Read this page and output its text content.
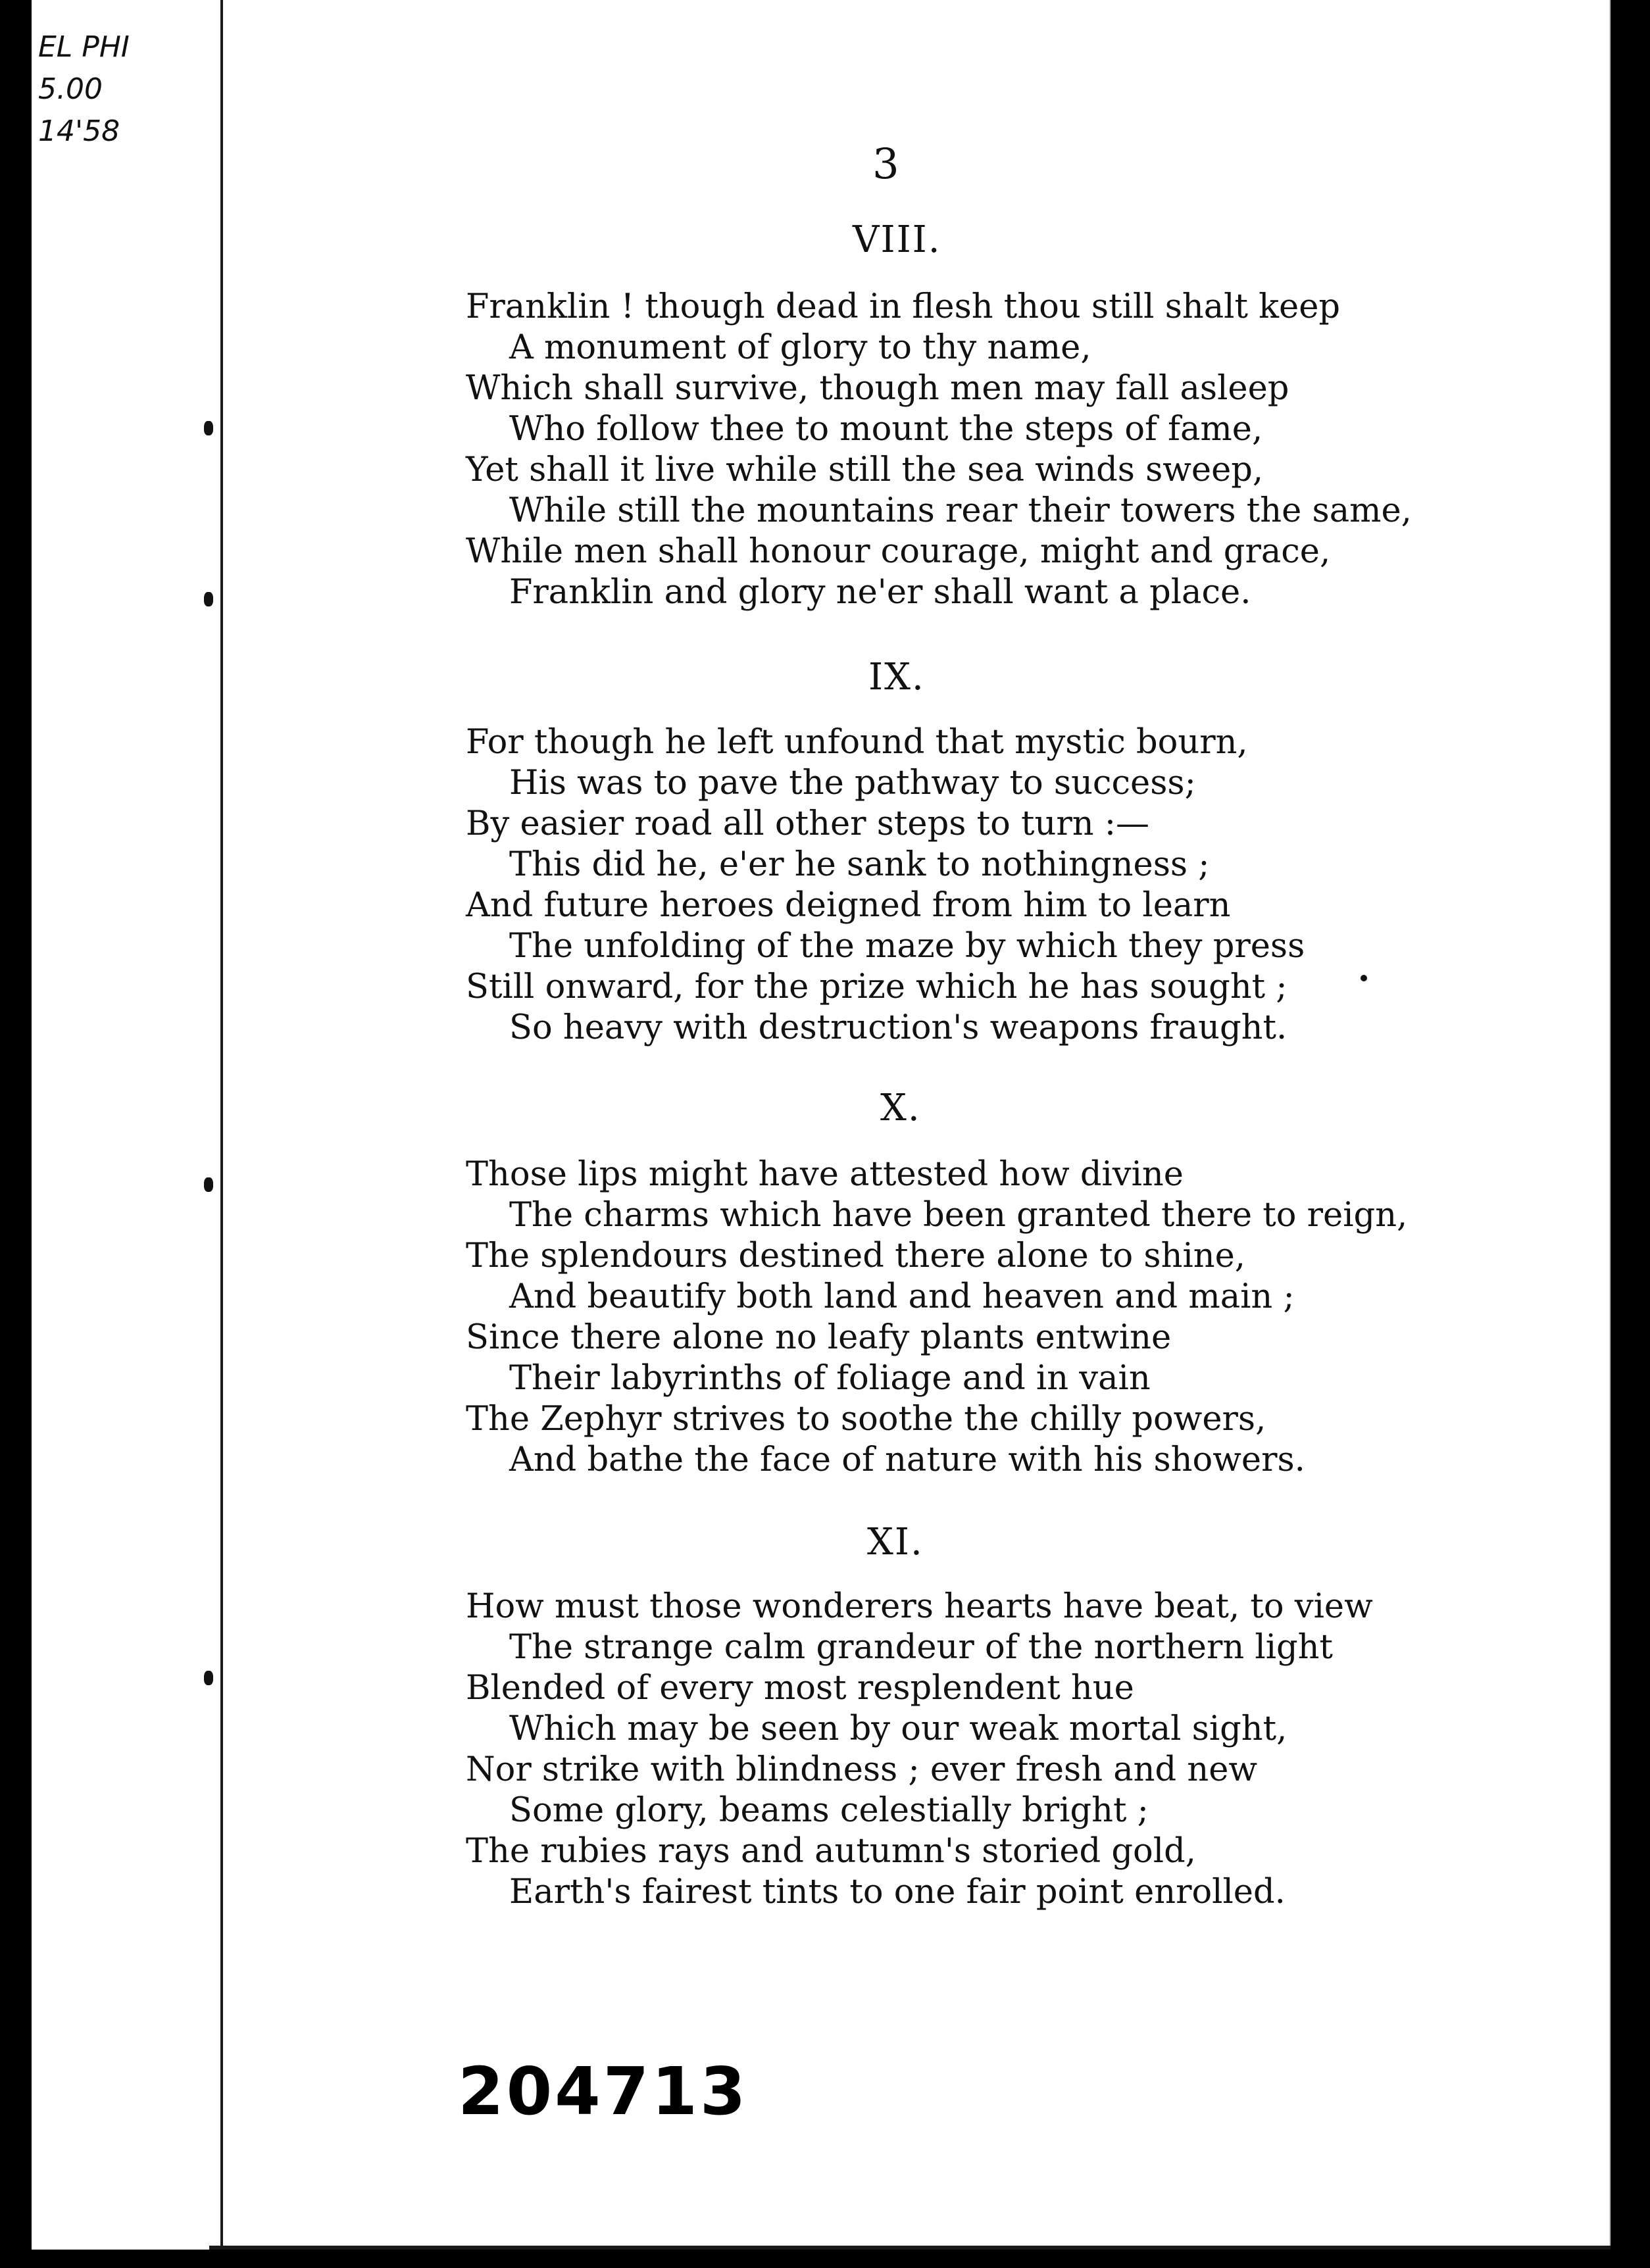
EL PHI
5.00
14'58
3
VIII.
Franklin ! though dead in flesh thou still shalt keep
A monument of glory to thy name,
Which shall survive, though men may fall asleep
Who follow thee to mount the steps of fame,
Yet shall it live while still the sea winds sweep,
While still the mountains rear their towers the same,
While men shall honour courage, might and grace,
Franklin and glory ne'er shall want a place.
IX.
For though he left unfound that mystic bourn,
His was to pave the pathway to success;
By easier road all other steps to turn :—
This did he, e'er he sank to nothingness ;
And future heroes deigned from him to learn
The unfolding of the maze by which they press
Still onward, for the prize which he has sought ;
So heavy with destruction's weapons fraught.
X.
Those lips might have attested how divine
The charms which have been granted there to reign,
The splendours destined there alone to shine,
And beautify both land and heaven and main ;
Since there alone no leafy plants entwine
Their labyrinths of foliage and in vain
The Zephyr strives to soothe the chilly powers,
And bathe the face of nature with his showers.
XI.
How must those wonderers hearts have beat, to view
The strange calm grandeur of the northern light
Blended of every most resplendent hue
Which may be seen by our weak mortal sight,
Nor strike with blindness ; ever fresh and new
Some glory, beams celestially bright ;
The rubies rays and autumn's storied gold,
Earth's fairest tints to one fair point enrolled.
204713
